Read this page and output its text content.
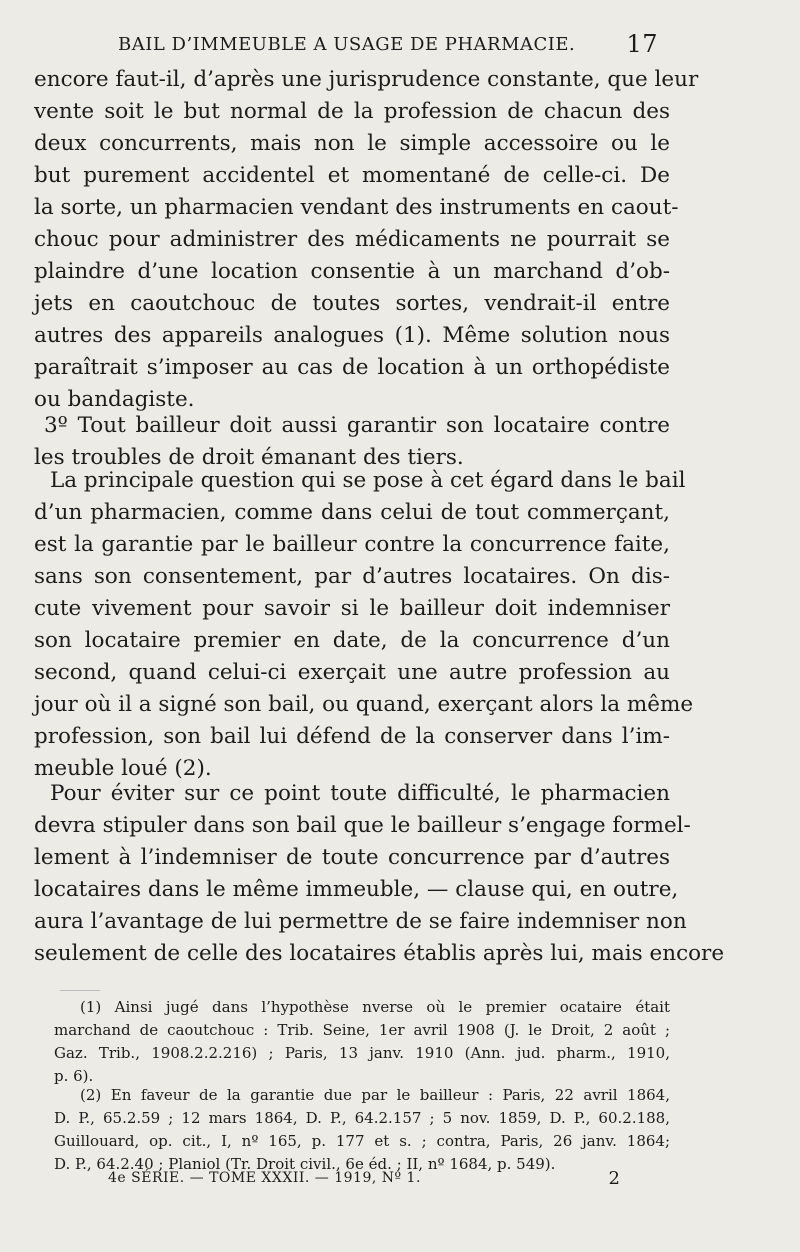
BAIL D’IMMEUBLE A USAGE DE PHARMACIE. 17
encore faut-il, d’après une jurisprudence constante, que leur
vente soit le but normal de la profession de chacun des
deux concurrents, mais non le simple accessoire ou le
but purement accidentel et momentané de celle-ci. De
la sorte, un pharmacien vendant des instruments en caout-
chouc pour administrer des médicaments ne pourrait se
plaindre d’une location consentie à un marchand d’ob-
jets en caoutchouc de toutes sortes, vendrait-il entre
autres des appareils analogues (1). Même solution nous
paraîtrait s’imposer au cas de location à un orthopédiste
ou bandagiste.
3º Tout bailleur doit aussi garantir son locataire contre
les troubles de droit émanant des tiers.
La principale question qui se pose à cet égard dans le bail
d’un pharmacien, comme dans celui de tout commerçant,
est la garantie par le bailleur contre la concurrence faite,
sans son consentement, par d’autres locataires. On dis-
cute vivement pour savoir si le bailleur doit indemniser
son locataire premier en date, de la concurrence d’un
second, quand celui-ci exerçait une autre profession au
jour où il a signé son bail, ou quand, exerçant alors la même
profession, son bail lui défend de la conserver dans l’im-
meuble loué (2).
Pour éviter sur ce point toute difficulté, le pharmacien
devra stipuler dans son bail que le bailleur s’engage formel-
lement à l’indemniser de toute concurrence par d’autres
locataires dans le même immeuble, — clause qui, en outre,
aura l’avantage de lui permettre de se faire indemniser non
seulement de celle des locataires établis après lui, mais encore
(1) Ainsi jugé dans l’hypothèse nverse où le premier ocataire était
marchand de caoutchouc : Trib. Seine, 1er avril 1908 (J. le Droit, 2 août ;
Gaz. Trib., 1908.2.2.216) ; Paris, 13 janv. 1910 (Ann. jud. pharm., 1910,
p. 6).
(2) En faveur de la garantie due par le bailleur : Paris, 22 avril 1864,
D. P., 65.2.59 ; 12 mars 1864, D. P., 64.2.157 ; 5 nov. 1859, D. P., 60.2.188,
Guillouard, op. cit., I, nº 165, p. 177 et s. ; contra, Paris, 26 janv. 1864;
D. P., 64.2.40 ; Planiol (Tr. Droit civil., 6e éd. ; II, nº 1684, p. 549).
4e SÉRIE. — TOME XXXII. — 1919, Nº 1.	2
